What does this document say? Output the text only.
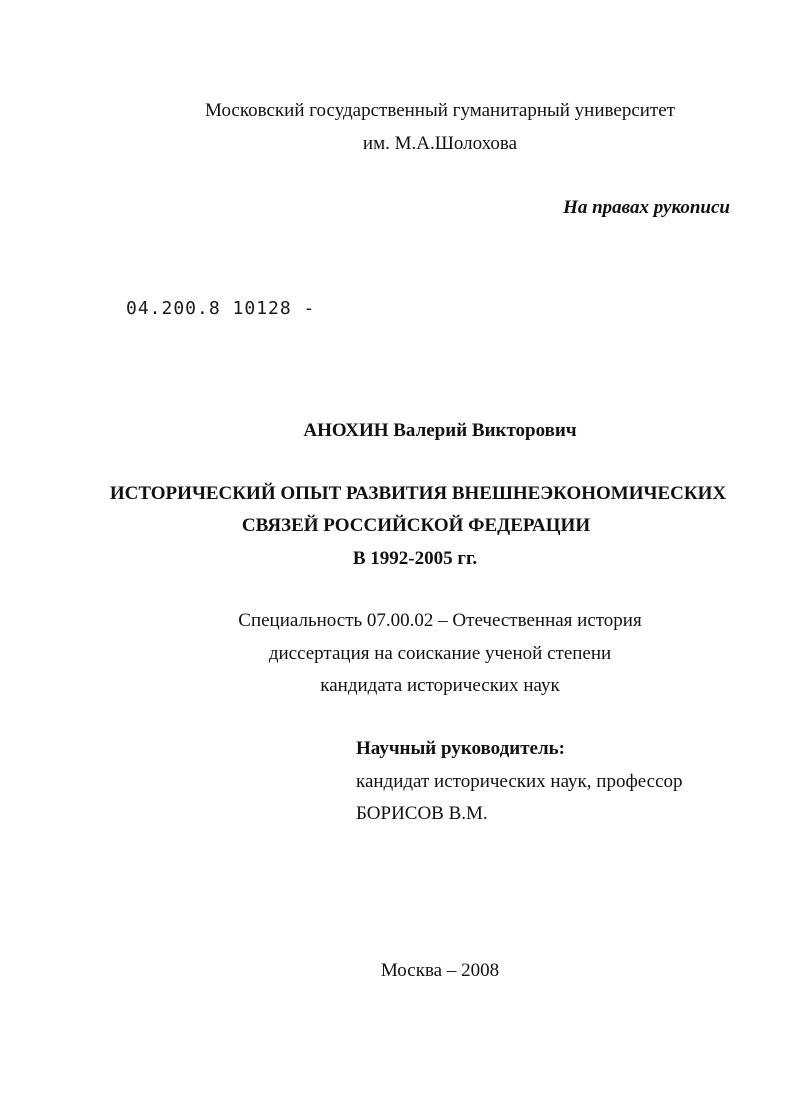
Московский государственный гуманитарный университет
им. М.А.Шолохова
На правах рукописи
04.200.8 10128 -
АНОХИН Валерий Викторович
ИСТОРИЧЕСКИЙ ОПЫТ РАЗВИТИЯ ВНЕШНЕЭКОНОМИЧЕСКИХ
СВЯЗЕЙ РОССИЙСКОЙ ФЕДЕРАЦИИ
В 1992-2005 гг.
Специальность 07.00.02 – Отечественная история
диссертация на соискание ученой степени
кандидата исторических наук
Научный руководитель:
кандидат исторических наук, профессор
БОРИСОВ В.М.
Москва – 2008
